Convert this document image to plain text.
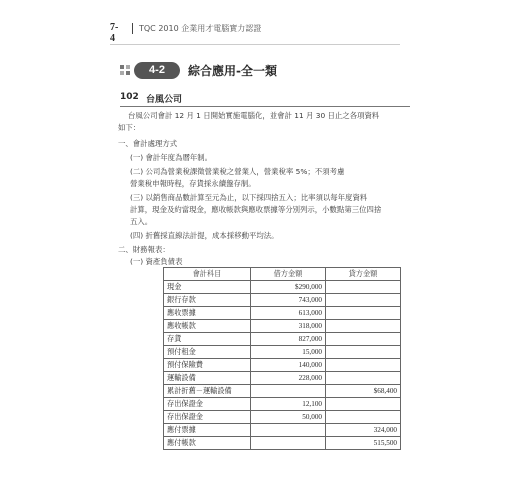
7-4
TQC 2010 企業用才電腦實力認證
4-2	綜合應用-全一類
102 台風公司
台風公司會計 12 月 1 日開始實施電腦化，並會計 11 月 30 日止之各項資料
如下：
一、會計處理方式
(一) 會計年度為曆年制。
(二) 公司為營業稅課徵營業稅之營業人，營業稅率 5%；不須考慮
營業稅申報時程，存貨採永續盤存制。
(三) 以銷售商品數計算至元為止，以下採四捨五入；比率須以每年度資料
計算，現金及約當現金，應收帳款與應收票據等分別列示，小數點第三位四捨
五入。
(四) 折舊採直線法計提，成本採移動平均法。
二、財務報表：
(一) 資產負債表
會計科目	借方金額	貸方金額
現金	$290,000	
銀行存款	743,000	
應收票據	613,000	
應收帳款	318,000	
存貨	827,000	
預付租金	15,000	
預付保險費	140,000	
運輸設備	228,000	
累計折舊－運輸設備		$68,400
存出保證金	12,100	
存出保證金	50,000	
應付票據		324,000
應付帳款		515,500
